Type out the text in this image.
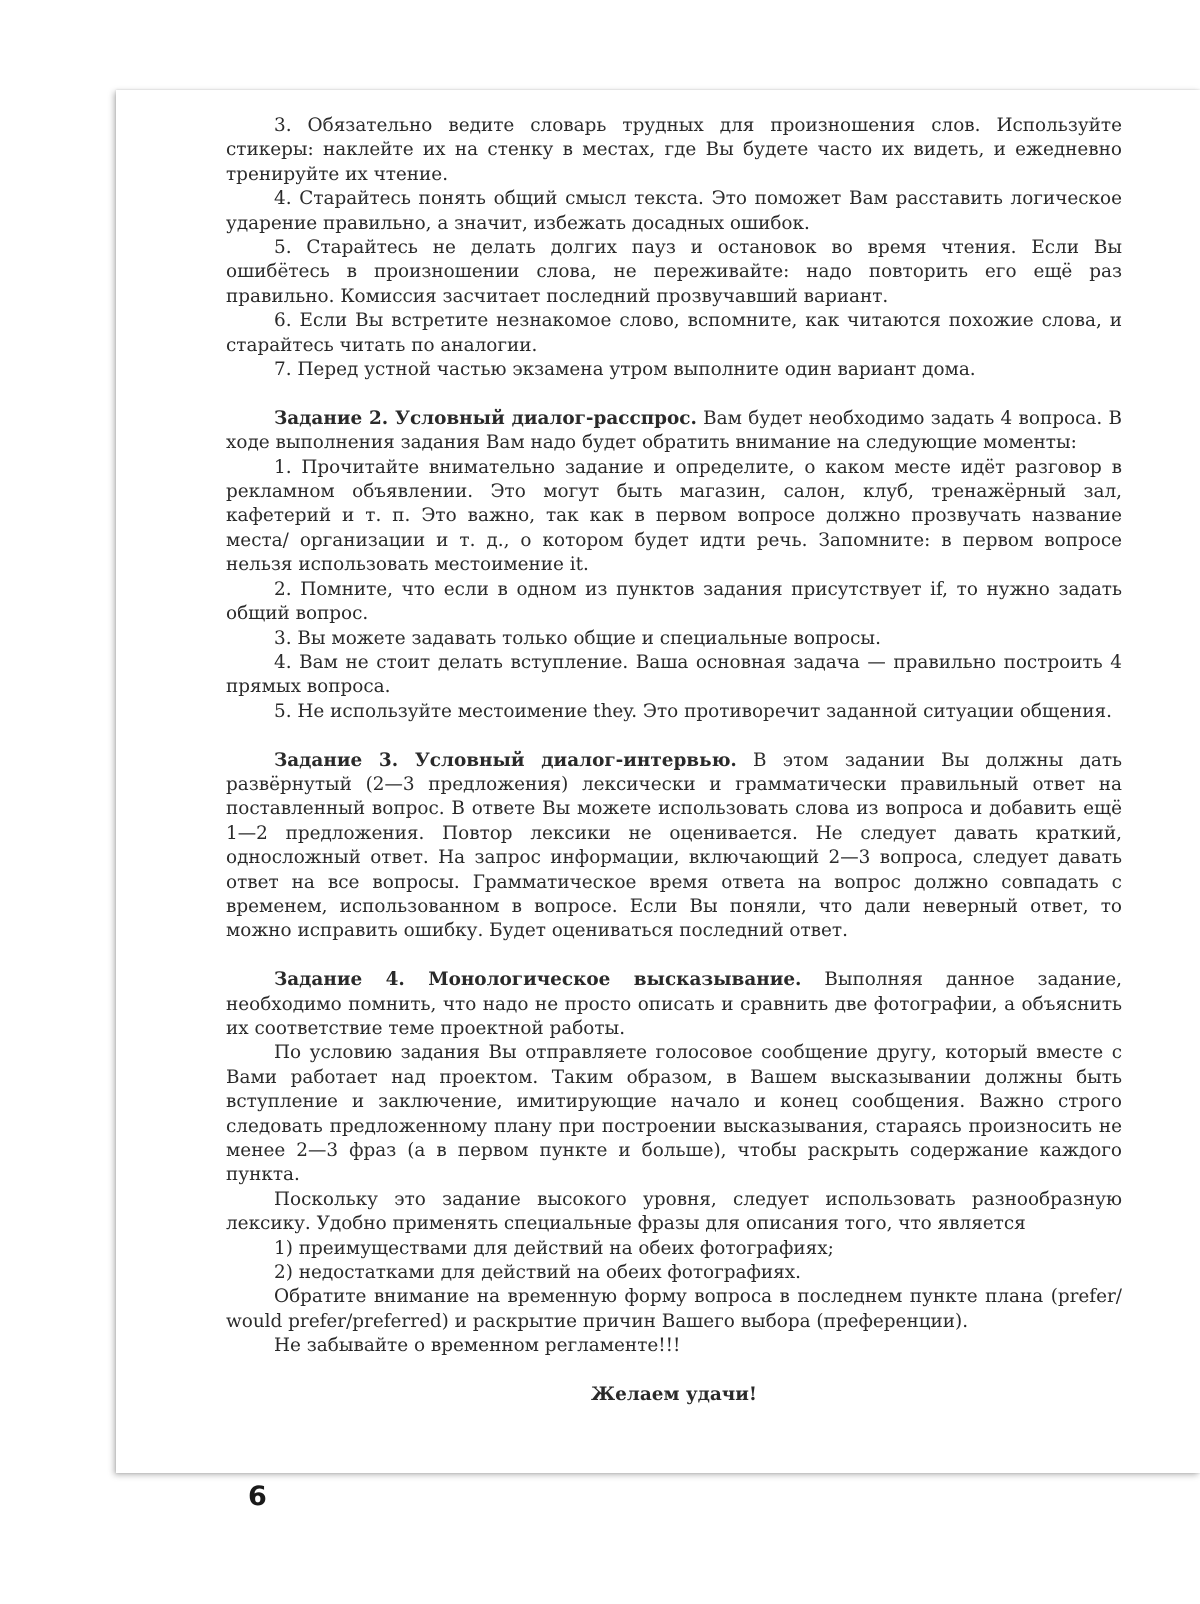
3. Обязательно ведите словарь трудных для произношения слов. Используйте стикеры: наклейте их на стенку в местах, где Вы будете часто их видеть, и ежедневно тренируйте их чтение.

4. Старайтесь понять общий смысл текста. Это поможет Вам расставить логическое ударение правильно, а значит, избежать досадных ошибок.

5. Старайтесь не делать долгих пауз и остановок во время чтения. Если Вы ошибётесь в произношении слова, не переживайте: надо повторить его ещё раз правильно. Комиссия засчитает последний прозвучавший вариант.

6. Если Вы встретите незнакомое слово, вспомните, как читаются похожие слова, и старайтесь читать по аналогии.

7. Перед устной частью экзамена утром выполните один вариант дома.

Задание 2. Условный диалог-расспрос. Вам будет необходимо задать 4 вопроса. В ходе выполнения задания Вам надо будет обратить внимание на следующие моменты:

1. Прочитайте внимательно задание и определите, о каком месте идёт разговор в рекламном объявлении. Это могут быть магазин, салон, клуб, тренажёрный зал, кафетерий и т. п. Это важно, так как в первом вопросе должно прозвучать название места/ организации и т. д., о котором будет идти речь. Запомните: в первом вопросе нельзя использовать местоимение it.

2. Помните, что если в одном из пунктов задания присутствует if, то нужно задать общий вопрос.

3. Вы можете задавать только общие и специальные вопросы.

4. Вам не стоит делать вступление. Ваша основная задача — правильно построить 4 прямых вопроса.

5. Не используйте местоимение they. Это противоречит заданной ситуации общения.

Задание 3. Условный диалог-интервью. В этом задании Вы должны дать развёрнутый (2—3 предложения) лексически и грамматически правильный ответ на поставленный вопрос. В ответе Вы можете использовать слова из вопроса и добавить ещё 1—2 предложения. Повтор лексики не оценивается. Не следует давать краткий, односложный ответ. На запрос информации, включающий 2—3 вопроса, следует давать ответ на все вопросы. Грамматическое время ответа на вопрос должно совпадать с временем, использованном в вопросе. Если Вы поняли, что дали неверный ответ, то можно исправить ошибку. Будет оцениваться последний ответ.

Задание 4. Монологическое высказывание. Выполняя данное задание, необходимо помнить, что надо не просто описать и сравнить две фотографии, а объяснить их соответствие теме проектной работы.

По условию задания Вы отправляете голосовое сообщение другу, который вместе с Вами работает над проектом. Таким образом, в Вашем высказывании должны быть вступление и заключение, имитирующие начало и конец сообщения. Важно строго следовать предложенному плану при построении высказывания, стараясь произносить не менее 2—3 фраз (а в первом пункте и больше), чтобы раскрыть содержание каждого пункта.

Поскольку это задание высокого уровня, следует использовать разнообразную лексику. Удобно применять специальные фразы для описания того, что является

1) преимуществами для действий на обеих фотографиях;

2) недостатками для действий на обеих фотографиях.

Обратите внимание на временную форму вопроса в последнем пункте плана (prefer/ would prefer/preferred) и раскрытие причин Вашего выбора (преференции).

Не забывайте о временном регламенте!!!

Желаем удачи!

6
